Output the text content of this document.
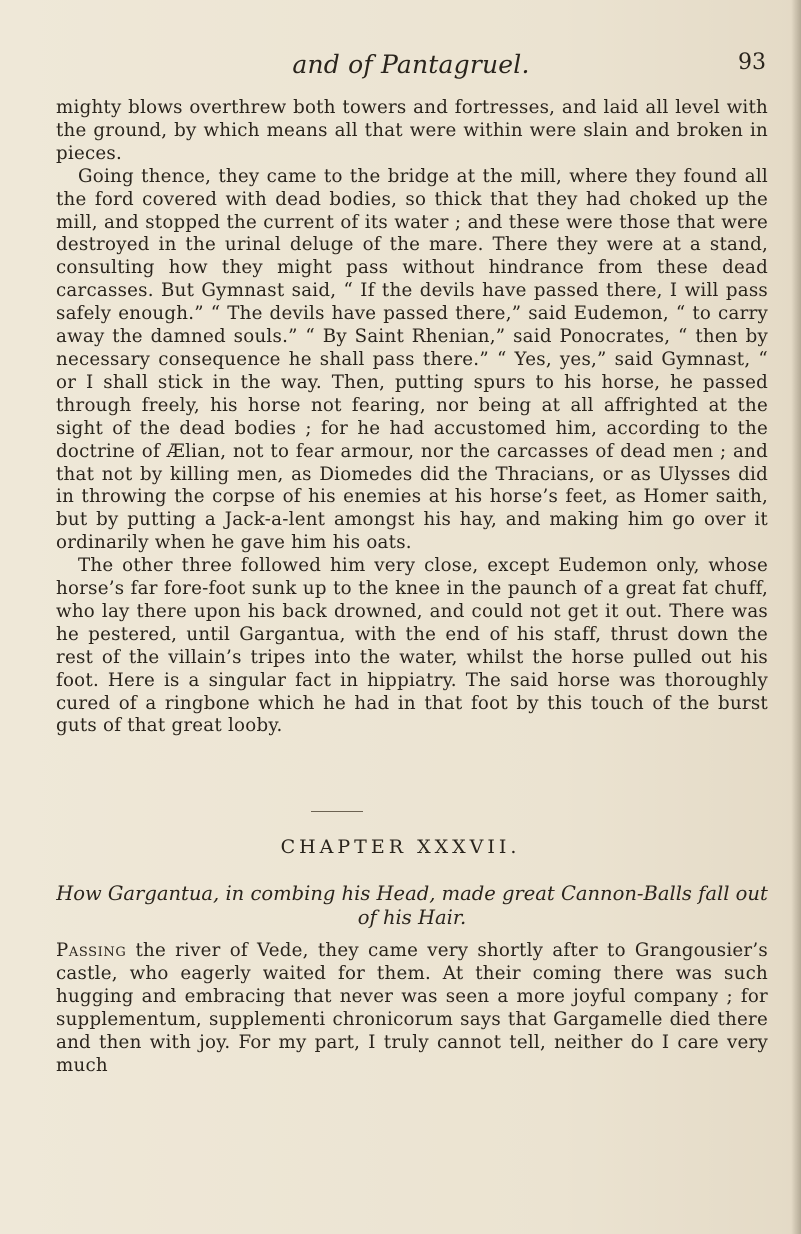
and of Pantagruel.	93

mighty blows overthrew both towers and fortresses, and laid all level with the ground, by which means all that were within were slain and broken in pieces.

Going thence, they came to the bridge at the mill, where they found all the ford covered with dead bodies, so thick that they had choked up the mill, and stopped the current of its water ; and these were those that were destroyed in the urinal deluge of the mare. There they were at a stand, consulting how they might pass without hindrance from these dead carcasses. But Gymnast said, “ If the devils have passed there, I will pass safely enough.” “ The devils have passed there,” said Eudemon, “ to carry away the damned souls.” “ By Saint Rhenian,” said Ponocrates, “ then by necessary consequence he shall pass there.” “ Yes, yes,” said Gymnast, “ or I shall stick in the way. Then, putting spurs to his horse, he passed through freely, his horse not fearing, nor being at all affrighted at the sight of the dead bodies ; for he had accustomed him, according to the doctrine of Ælian, not to fear armour, nor the carcasses of dead men ; and that not by killing men, as Diomedes did the Thracians, or as Ulysses did in throwing the corpse of his enemies at his horse’s feet, as Homer saith, but by putting a Jack-a-lent amongst his hay, and making him go over it ordinarily when he gave him his oats.

The other three followed him very close, except Eudemon only, whose horse’s far fore-foot sunk up to the knee in the paunch of a great fat chuff, who lay there upon his back drowned, and could not get it out. There was he pestered, until Gargantua, with the end of his staff, thrust down the rest of the villain’s tripes into the water, whilst the horse pulled out his foot. Here is a singular fact in hippiatry. The said horse was thoroughly cured of a ringbone which he had in that foot by this touch of the burst guts of that great looby.

CHAPTER XXXVII.
How Gargantua, in combing his Head, made great Cannon-Balls fall out of his Hair.

Passing the river of Vede, they came very shortly after to Grangousier’s castle, who eagerly waited for them. At their coming there was such hugging and embracing that never was seen a more joyful company ; for supplementum, supplementi chronicorum says that Gargamelle died there and then with joy. For my part, I truly cannot tell, neither do I care very much
